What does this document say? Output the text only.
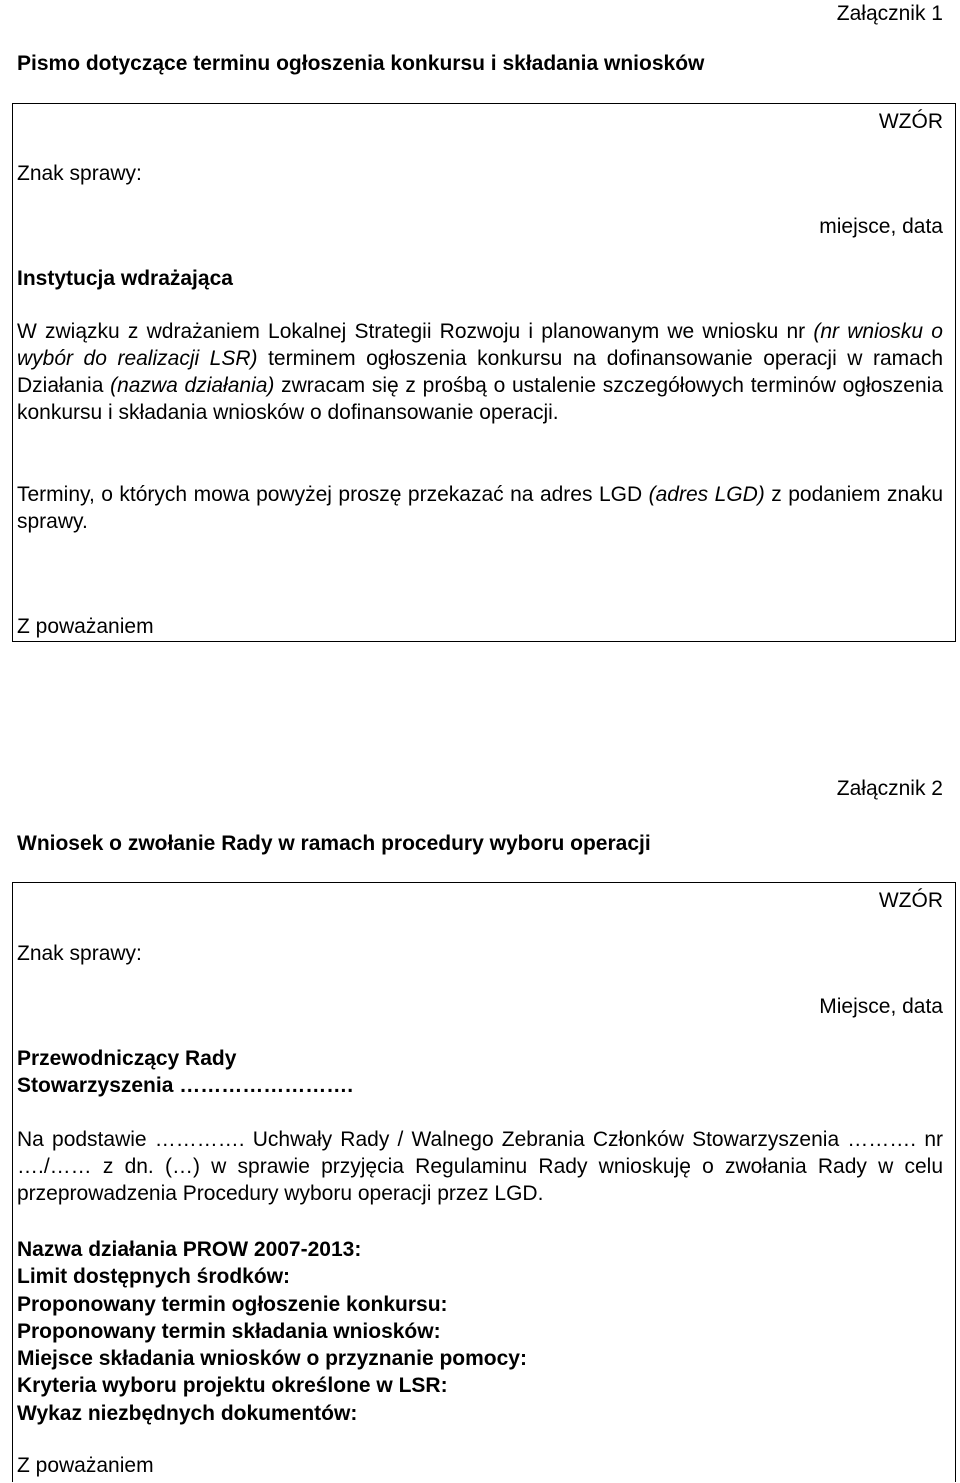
Załącznik 1
Pismo dotyczące terminu ogłoszenia konkursu i składania wniosków
WZÓR
Znak sprawy:
miejsce, data
Instytucja wdrażająca
W związku z wdrażaniem Lokalnej Strategii Rozwoju i planowanym we wniosku nr (nr wniosku o wybór do realizacji LSR) terminem ogłoszenia konkursu na dofinansowanie operacji w ramach Działania (nazwa działania) zwracam się z prośbą o ustalenie szczegółowych terminów ogłoszenia konkursu i składania wniosków o dofinansowanie operacji.
Terminy, o których mowa powyżej proszę przekazać na adres LGD (adres LGD) z podaniem znaku sprawy.
Z poważaniem
Załącznik 2
Wniosek o zwołanie Rady w ramach procedury wyboru operacji
WZÓR
Znak sprawy:
Miejsce, data
Przewodniczący Rady
Stowarzyszenia …………………….
Na podstawie …………. Uchwały Rady / Walnego Zebrania Członków Stowarzyszenia ………. nr …./…… z dn. (…) w sprawie przyjęcia Regulaminu Rady wnioskuję o zwołania Rady w celu przeprowadzenia Procedury wyboru operacji przez LGD.
Nazwa działania PROW 2007-2013:
Limit dostępnych środków:
Proponowany termin ogłoszenie konkursu:
Proponowany termin składania wniosków:
Miejsce składania wniosków o przyznanie pomocy:
Kryteria wyboru projektu określone w LSR:
Wykaz niezbędnych dokumentów:
Z poważaniem
